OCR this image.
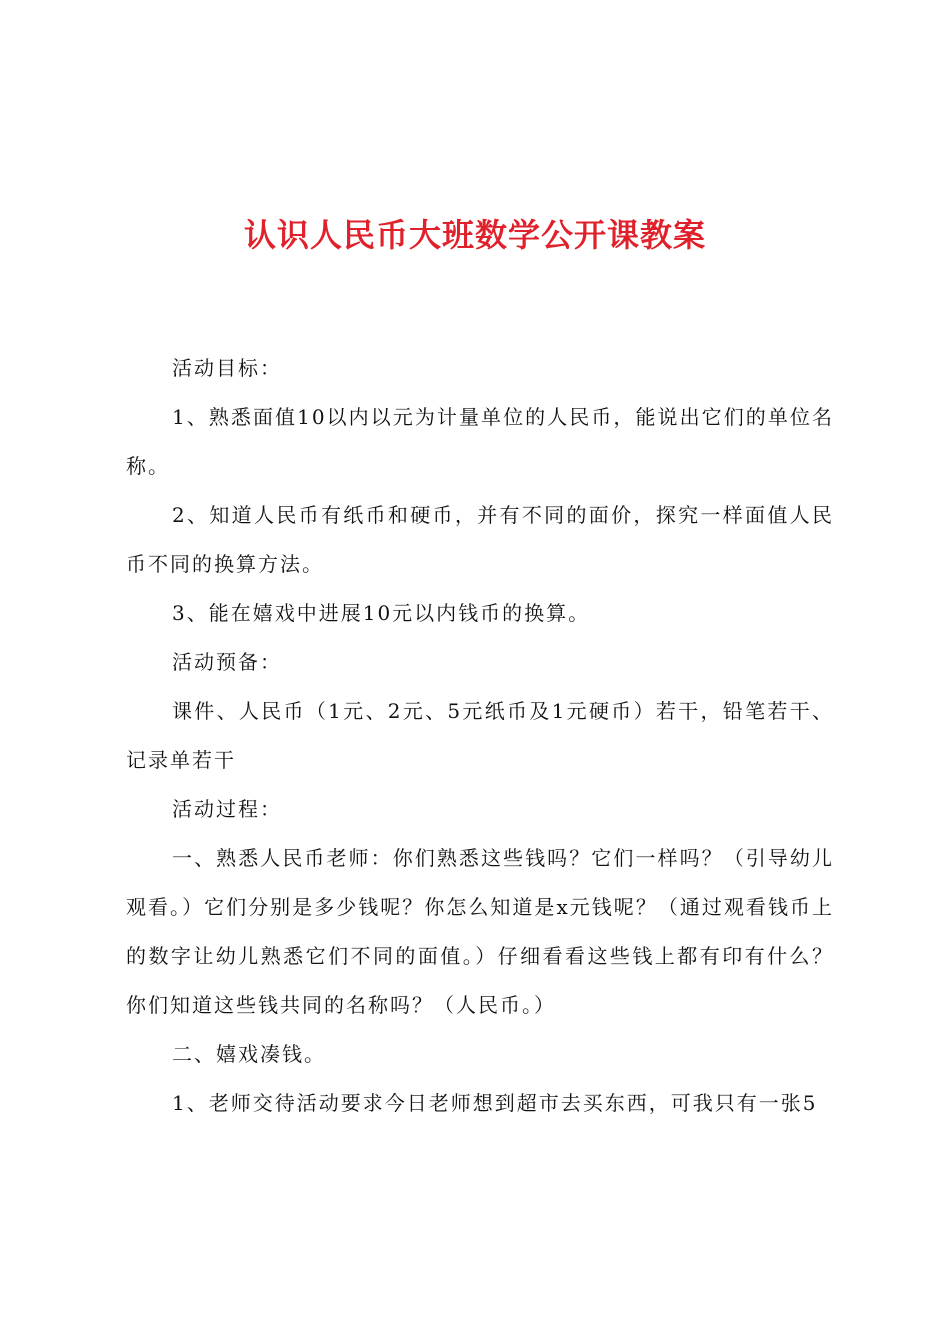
认识人民币大班数学公开课教案

活动目标：

1、熟悉面值10以内以元为计量单位的人民币，能说出它们的单位名称。

2、知道人民币有纸币和硬币，并有不同的面价，探究一样面值人民币不同的换算方法。

3、能在嬉戏中进展10元以内钱币的换算。

活动预备：

课件、人民币（1元、2元、5元纸币及1元硬币）若干，铅笔若干、记录单若干

活动过程：

一、熟悉人民币老师：你们熟悉这些钱吗？它们一样吗？（引导幼儿观看。）它们分别是多少钱呢？你怎么知道是x元钱呢？（通过观看钱币上的数字让幼儿熟悉它们不同的面值。）仔细看看这些钱上都有印有什么？你们知道这些钱共同的名称吗？（人民币。）

二、嬉戏凑钱。

1、老师交待活动要求今日老师想到超市去买东西，可我只有一张5
